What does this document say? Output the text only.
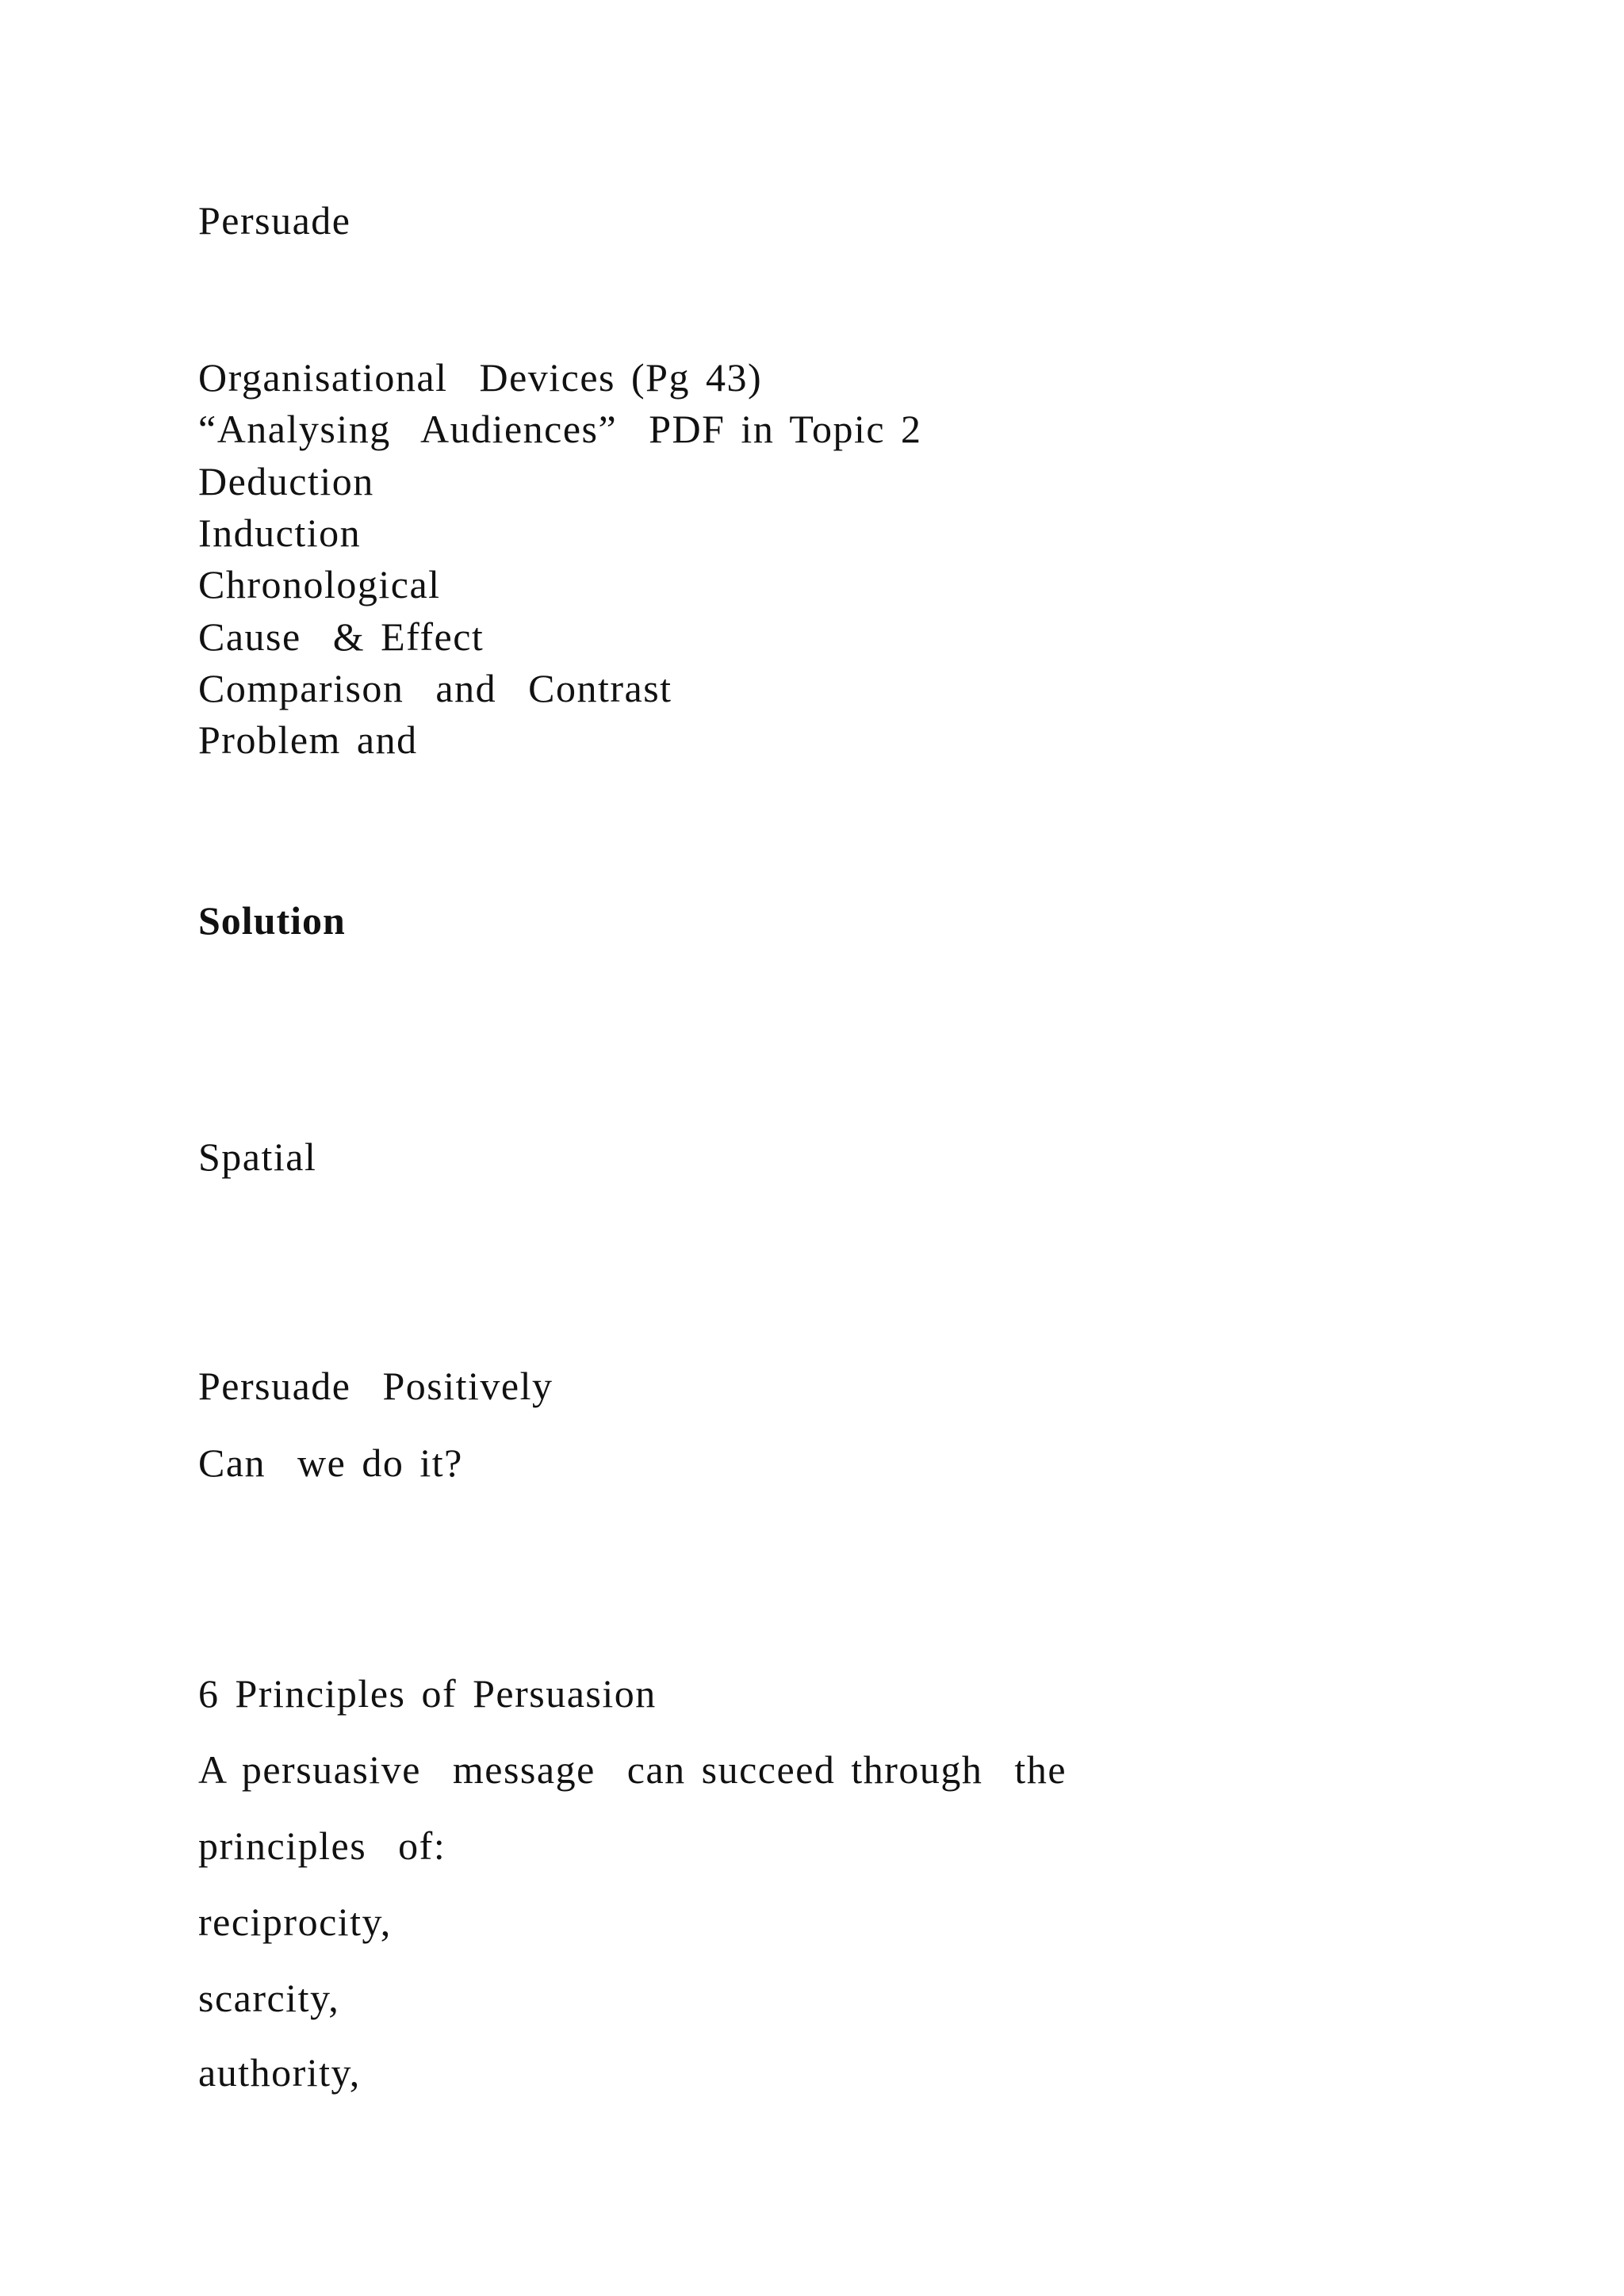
Persuade
Organisational  Devices (Pg 43)
“Analysing  Audiences”  PDF in Topic 2
Deduction
Induction
Chronological
Cause  & Effect
Comparison  and  Contrast
Problem and
Solution
Spatial
Persuade  Positively
Can  we do it?
6 Principles of Persuasion
A persuasive  message  can succeed through  the
principles  of:
reciprocity,
scarcity,
authority,
